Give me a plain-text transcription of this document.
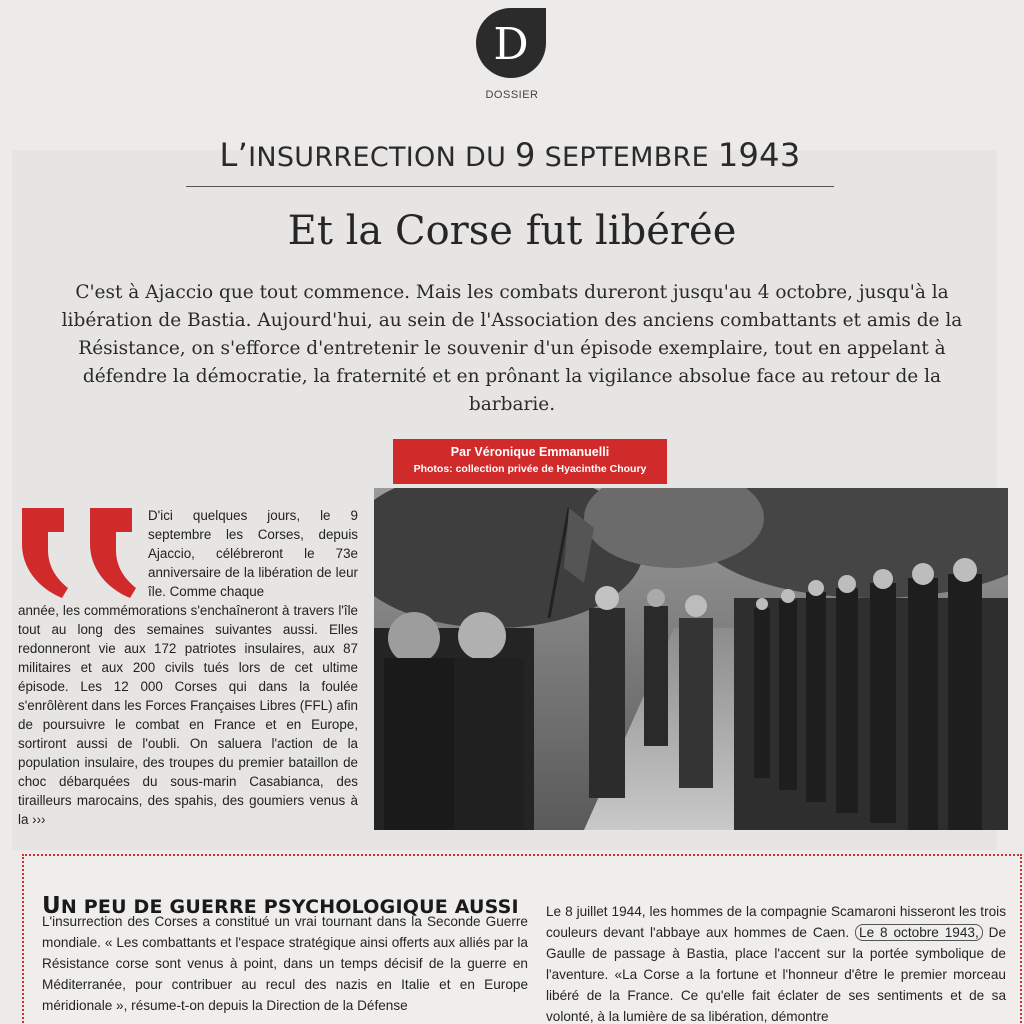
D
DOSSIER
L’INSURRECTION DU 9 SEPTEMBRE 1943
Et la Corse fut libérée
C'est à Ajaccio que tout commence. Mais les combats dureront jusqu'au 4 octobre, jusqu'à la libération de Bastia. Aujourd'hui, au sein de l'Association des anciens combattants et amis de la Résistance, on s'efforce d'entretenir le souvenir d'un épisode exemplaire, tout en appelant à défendre la démocratie, la fraternité et en prônant la vigilance absolue face au retour de la barbarie.
Par Véronique Emmanuelli
Photos: collection privée de Hyacinthe Choury
D'ici quelques jours, le 9 septembre les Corses, depuis Ajaccio, célébreront le 73e anniversaire de la libération de leur île. Comme chaque
année, les commémorations s'enchaîneront à travers l'île tout au long des semaines suivantes aussi. Elles redonneront vie aux 172 patriotes insulaires, aux 87 militaires et aux 200 civils tués lors de cet ultime épisode. Les 12 000 Corses qui dans la foulée s'enrôlèrent dans les Forces Françaises Libres (FFL) afin de poursuivre le combat en France et en Europe, sortiront aussi de l'oubli. On saluera l'action de la population insulaire, des troupes du premier bataillon de choc débarquées du sous-marin Casabianca, des tirailleurs marocains, des spahis, des goumiers venus à la ›››
UN PEU DE GUERRE PSYCHOLOGIQUE AUSSI
L'insurrection des Corses a constitué un vrai tournant dans la Seconde Guerre mondiale. « Les combattants et l'espace stratégique ainsi offerts aux alliés par la Résistance corse sont venus à point, dans un temps décisif de la guerre en Méditerranée, pour contribuer au recul des nazis en Italie et en Europe méridionale », résume-t-on depuis la Direction de la Défense
Le 8 juillet 1944, les hommes de la compagnie Scamaroni hisseront les trois couleurs devant l'abbaye aux hommes de Caen. Le 8 octobre 1943, De Gaulle de passage à Bastia, place l'accent sur la portée symbolique de l'aventure. «La Corse a la fortune et l'honneur d'être le premier morceau libéré de la France. Ce qu'elle fait éclater de ses sentiments et de sa volonté, à la lumière de sa libération, démontre
